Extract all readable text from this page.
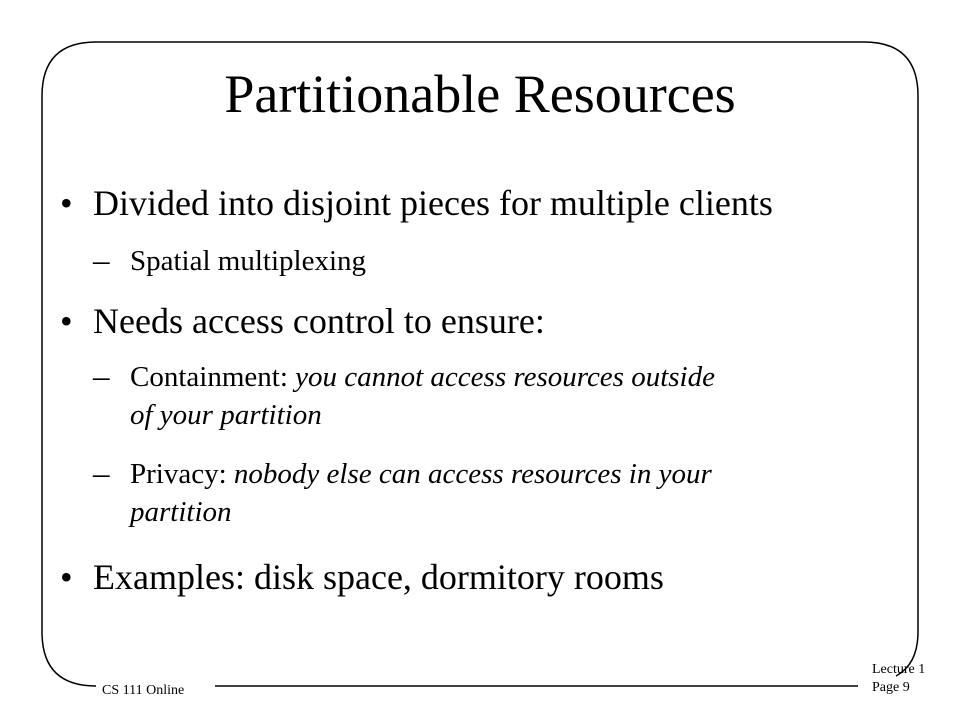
Partitionable Resources
• Divided into disjoint pieces for multiple clients
– Spatial multiplexing
• Needs access control to ensure:
– Containment: you cannot access resources outside
of your partition
– Privacy: nobody else can access resources in your
partition
• Examples: disk space, dormitory rooms
CS 111 Online
Lecture 1
Page 9
